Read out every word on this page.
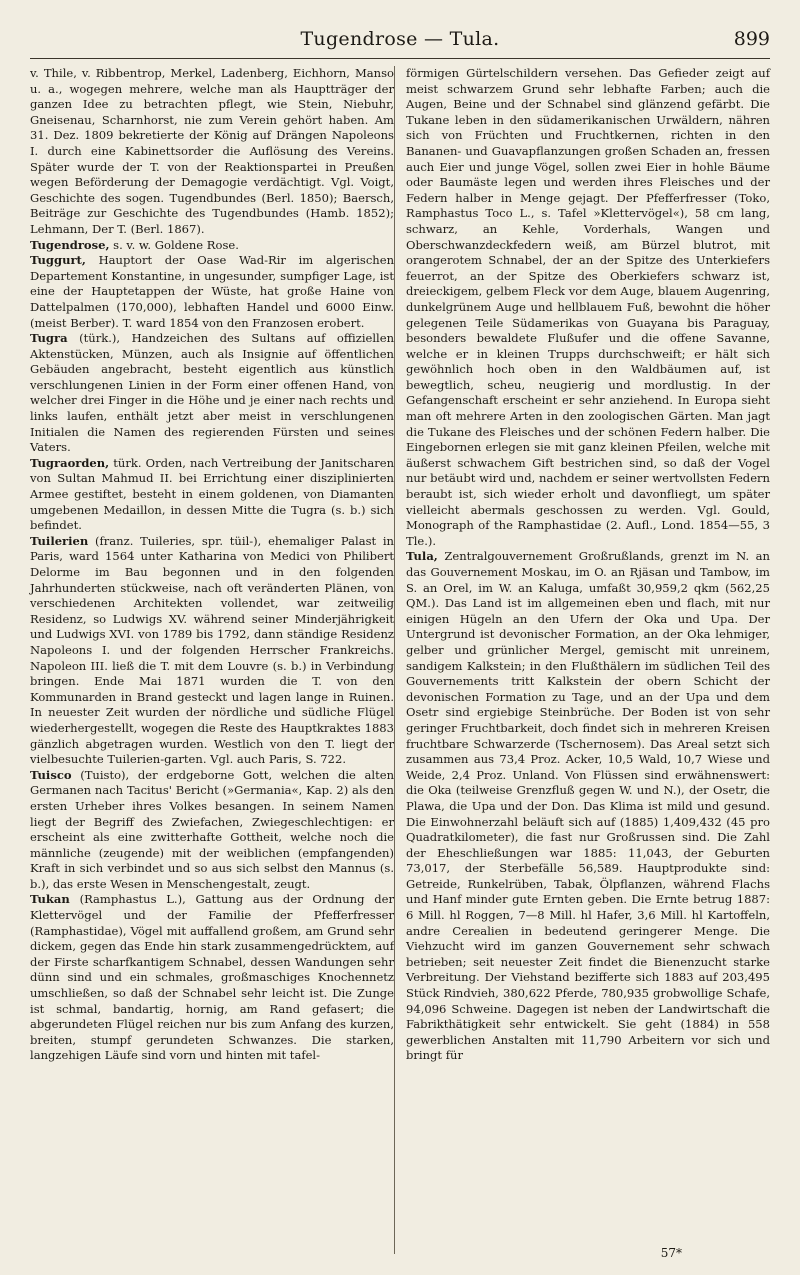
Tugendrose — Tula.	899

v. Thile, v. Ribbentrop, Merkel, Ladenberg, Eichhorn, Manso u. a., wogegen mehrere, welche man als Hauptträger der ganzen Idee zu betrachten pflegt, wie Stein, Niebuhr, Gneisenau, Scharnhorst, nie zum Verein gehört haben. Am 31. Dez. 1809 bekretierte der König auf Drängen Napoleons I. durch eine Kabinettsorder die Auflösung des Vereins. Später wurde der T. von der Reaktionspartei in Preußen wegen Beförderung der Demagogie verdächtigt. Vgl. Voigt, Geschichte des sogen. Tugendbundes (Berl. 1850); Baersch, Beiträge zur Geschichte des Tugendbundes (Hamb. 1852); Lehmann, Der T. (Berl. 1867).

Tugendrose, s. v. w. Goldene Rose.

Tuggurt, Hauptort der Oase Wad-Rir im algerischen Departement Konstantine, in ungesunder, sumpfiger Lage, ist eine der Hauptetappen der Wüste, hat große Haine von Dattelpalmen (170,000), lebhaften Handel und 6000 Einw. (meist Berber). T. ward 1854 von den Franzosen erobert.

Tugra (türk.), Handzeichen des Sultans auf offiziellen Aktenstücken, Münzen, auch als Insignie auf öffentlichen Gebäuden angebracht, besteht eigentlich aus künstlich verschlungenen Linien in der Form einer offenen Hand, von welcher drei Finger in die Höhe und je einer nach rechts und links laufen, enthält jetzt aber meist in verschlungenen Initialen die Namen des regierenden Fürsten und seines Vaters.

Tugraorden, türk. Orden, nach Vertreibung der Janitscharen von Sultan Mahmud II. bei Errichtung einer disziplinierten Armee gestiftet, besteht in einem goldenen, von Diamanten umgebenen Medaillon, in dessen Mitte die Tugra (s. b.) sich befindet.

Tuilerien (franz. Tuileries, spr. tüil-), ehemaliger Palast in Paris, ward 1564 unter Katharina von Medici von Philibert Delorme im Bau begonnen und in den folgenden Jahrhunderten stückweise, nach oft veränderten Plänen, von verschiedenen Architekten vollendet, war zeitweilig Residenz, so Ludwigs XV. während seiner Minderjährigkeit und Ludwigs XVI. von 1789 bis 1792, dann ständige Residenz Napoleons I. und der folgenden Herrscher Frankreichs. Napoleon III. ließ die T. mit dem Louvre (s. b.) in Verbindung bringen. Ende Mai 1871 wurden die T. von den Kommunarden in Brand gesteckt und lagen lange in Ruinen. In neuester Zeit wurden der nördliche und südliche Flügel wiederhergestellt, wogegen die Reste des Hauptkraktes 1883 gänzlich abgetragen wurden. Westlich von den T. liegt der vielbesuchte Tuilerien-garten. Vgl. auch Paris, S. 722.

Tuisco (Tuisto), der erdgeborne Gott, welchen die alten Germanen nach Tacitus' Bericht (»Germania«, Kap. 2) als den ersten Urheber ihres Volkes besangen. In seinem Namen liegt der Begriff des Zwiefachen, Zwiegeschlechtigen: er erscheint als eine zwitterhafte Gottheit, welche noch die männliche (zeugende) mit der weiblichen (empfangenden) Kraft in sich verbindet und so aus sich selbst den Mannus (s. b.), das erste Wesen in Menschengestalt, zeugt.

Tukan (Ramphastus L.), Gattung aus der Ordnung der Klettervögel und der Familie der Pfefferfresser (Ramphastidae), Vögel mit auffallend großem, am Grund sehr dickem, gegen das Ende hin stark zusammengedrücktem, auf der Firste scharfkantigem Schnabel, dessen Wandungen sehr dünn sind und ein schmales, großmaschiges Knochennetz umschließen, so daß der Schnabel sehr leicht ist. Die Zunge ist schmal, bandartig, hornig, am Rand gefasert; die abgerundeten Flügel reichen nur bis zum Anfang des kurzen, breiten, stumpf gerundeten Schwanzes. Die starken, langzehigen Läufe sind vorn und hinten mit tafel-

förmigen Gürtelschildern versehen. Das Gefieder zeigt auf meist schwarzem Grund sehr lebhafte Farben; auch die Augen, Beine und der Schnabel sind glänzend gefärbt. Die Tukane leben in den südamerikanischen Urwäldern, nähren sich von Früchten und Fruchtkernen, richten in den Bananen- und Guavapflanzungen großen Schaden an, fressen auch Eier und junge Vögel, sollen zwei Eier in hohle Bäume oder Baumäste legen und werden ihres Fleisches und der Federn halber in Menge gejagt. Der Pfefferfresser (Toko, Ramphastus Toco L., s. Tafel »Klettervögel«), 58 cm lang, schwarz, an Kehle, Vorderhals, Wangen und Oberschwanzdeckfedern weiß, am Bürzel blutrot, mit orangerotem Schnabel, der an der Spitze des Unterkiefers feuerrot, an der Spitze des Oberkiefers schwarz ist, dreieckigem, gelbem Fleck vor dem Auge, blauem Augenring, dunkelgrünem Auge und hellblauem Fuß, bewohnt die höher gelegenen Teile Südamerikas von Guayana bis Paraguay, besonders bewaldete Flußufer und die offene Savanne, welche er in kleinen Trupps durchschweift; er hält sich gewöhnlich hoch oben in den Waldbäumen auf, ist bewegtlich, scheu, neugierig und mordlustig. In der Gefangenschaft erscheint er sehr anziehend. In Europa sieht man oft mehrere Arten in den zoologischen Gärten. Man jagt die Tukane des Fleisches und der schönen Federn halber. Die Eingebornen erlegen sie mit ganz kleinen Pfeilen, welche mit äußerst schwachem Gift bestrichen sind, so daß der Vogel nur betäubt wird und, nachdem er seiner wertvollsten Federn beraubt ist, sich wieder erholt und davonfliegt, um später vielleicht abermals geschossen zu werden. Vgl. Gould, Monograph of the Ramphastidae (2. Aufl., Lond. 1854—55, 3 Tle.).

Tula, Zentralgouvernement Großrußlands, grenzt im N. an das Gouvernement Moskau, im O. an Rjäsan und Tambow, im S. an Orel, im W. an Kaluga, umfaßt 30,959,2 qkm (562,25 QM.). Das Land ist im allgemeinen eben und flach, mit nur einigen Hügeln an den Ufern der Oka und Upa. Der Untergrund ist devonischer Formation, an der Oka lehmiger, gelber und grünlicher Mergel, gemischt mit unreinem, sandigem Kalkstein; in den Flußthälern im südlichen Teil des Gouvernements tritt Kalkstein der obern Schicht der devonischen Formation zu Tage, und an der Upa und dem Osetr sind ergiebige Steinbrüche. Der Boden ist von sehr geringer Fruchtbarkeit, doch findet sich in mehreren Kreisen fruchtbare Schwarzerde (Tschernosem). Das Areal setzt sich zusammen aus 73,4 Proz. Acker, 10,5 Wald, 10,7 Wiese und Weide, 2,4 Proz. Unland. Von Flüssen sind erwähnenswert: die Oka (teilweise Grenzfluß gegen W. und N.), der Osetr, die Plawa, die Upa und der Don. Das Klima ist mild und gesund. Die Einwohnerzahl beläuft sich auf (1885) 1,409,432 (45 pro Quadratkilometer), die fast nur Großrussen sind. Die Zahl der Eheschließungen war 1885: 11,043, der Geburten 73,017, der Sterbefälle 56,589. Hauptprodukte sind: Getreide, Runkelrüben, Tabak, Ölpflanzen, während Flachs und Hanf minder gute Ernten geben. Die Ernte betrug 1887: 6 Mill. hl Roggen, 7—8 Mill. hl Hafer, 3,6 Mill. hl Kartoffeln, andre Cerealien in bedeutend geringerer Menge. Die Viehzucht wird im ganzen Gouvernement sehr schwach betrieben; seit neuester Zeit findet die Bienenzucht starke Verbreitung. Der Viehstand bezifferte sich 1883 auf 203,495 Stück Rindvieh, 380,622 Pferde, 780,935 grobwollige Schafe, 94,096 Schweine. Dagegen ist neben der Landwirtschaft die Fabrikthätigkeit sehr entwickelt. Sie geht (1884) in 558 gewerblichen Anstalten mit 11,790 Arbeitern vor sich und bringt für

57*
